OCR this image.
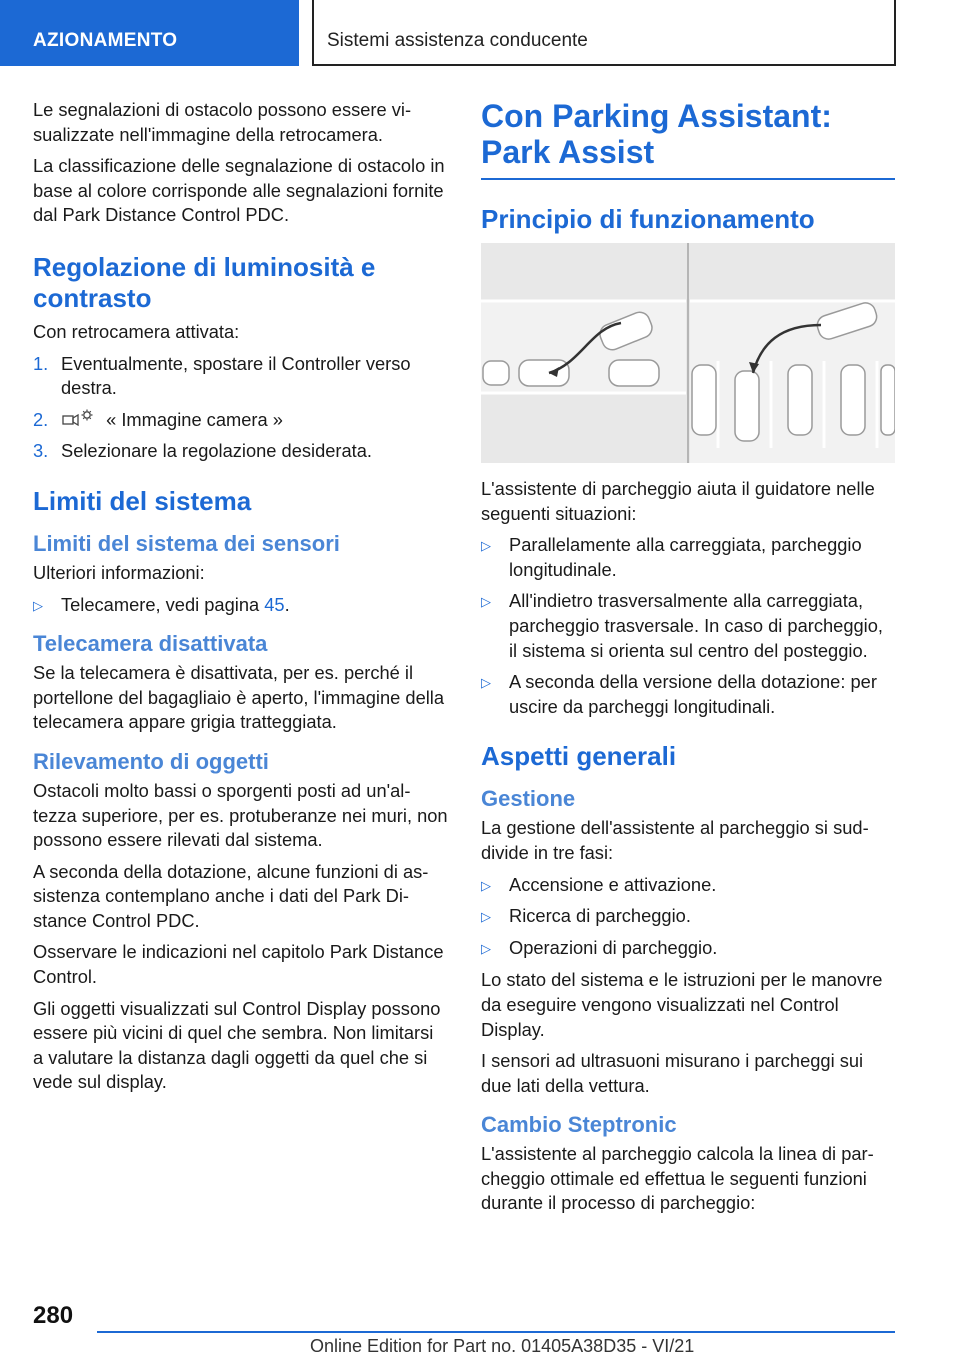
AZIONAMENTO	Sistemi assistenza conducente

Le segnalazioni di ostacolo possono essere visualizzate nell'immagine della retrocamera.

La classificazione delle segnalazione di ostacolo in base al colore corrisponde alle segnalazioni fornite dal Park Distance Control PDC.

Regolazione di luminosità e contrasto

Con retrocamera attivata:

1. Eventualmente, spostare il Controller verso destra.
2.	« Immagine camera »
3. Selezionare la regolazione desiderata.
Limiti del sistema
Limiti del sistema dei sensori

Ulteriori informazioni:

▷ Telecamere, vedi pagina 45.
Telecamera disattivata

Se la telecamera è disattivata, per es. perché il portellone del bagagliaio è aperto, l'immagine della telecamera appare grigia tratteggiata.

Rilevamento di oggetti

Ostacoli molto bassi o sporgenti posti ad un'altezza superiore, per es. protuberanze nei muri, non possono essere rilevati dal sistema.

A seconda della dotazione, alcune funzioni di assistenza contemplano anche i dati del Park Distance Control PDC.

Osservare le indicazioni nel capitolo Park Distance Control.

Gli oggetti visualizzati sul Control Display possono essere più vicini di quel che sembra. Non limitarsi a valutare la distanza dagli oggetti da quel che si vede sul display.

Con Parking Assistant: Park Assist
Principio di funzionamento

L'assistente di parcheggio aiuta il guidatore nelle seguenti situazioni:

▷ Parallelamente alla carreggiata, parcheggio longitudinale.
▷ All'indietro trasversalmente alla carreggiata, parcheggio trasversale. In caso di parcheggio, il sistema si orienta sul centro del posteggio.
▷ A seconda della versione della dotazione: per uscire da parcheggi longitudinali.
Aspetti generali
Gestione

La gestione dell'assistente al parcheggio si suddivide in tre fasi:

▷ Accensione e attivazione.
▷ Ricerca di parcheggio.
▷ Operazioni di parcheggio.

Lo stato del sistema e le istruzioni per le manovre da eseguire vengono visualizzati nel Control Display.

I sensori ad ultrasuoni misurano i parcheggi sui due lati della vettura.

Cambio Steptronic

L'assistente al parcheggio calcola la linea di parcheggio ottimale ed effettua le seguenti funzioni durante il processo di parcheggio:

280
Online Edition for Part no. 01405A38D35 - VI/21
